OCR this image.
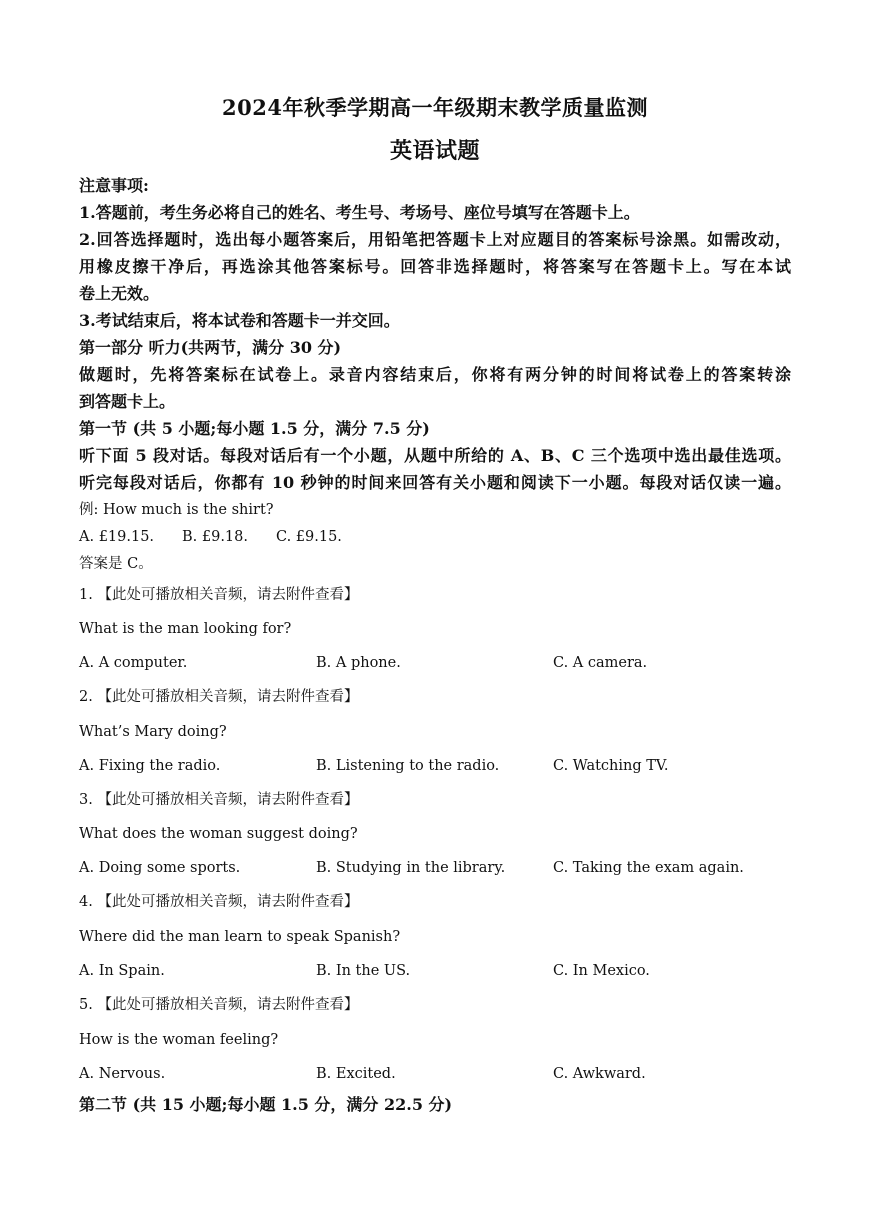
2024年秋季学期高一年级期末教学质量监测
英语试题
注意事项:
1.答题前，考生务必将自己的姓名、考生号、考场号、座位号填写在答题卡上。
2.回答选择题时，选出每小题答案后，用铅笔把答题卡上对应题目的答案标号涂黑。如需改动，
用橡皮擦干净后，再选涂其他答案标号。回答非选择题时，将答案写在答题卡上。写在本试
卷上无效。
3.考试结束后，将本试卷和答题卡一并交回。
第一部分 听力(共两节，满分 30 分)
做题时，先将答案标在试卷上。录音内容结束后，你将有两分钟的时间将试卷上的答案转涂
到答题卡上。
第一节 (共 5 小题;每小题 1.5 分，满分 7.5 分)
听下面 5 段对话。每段对话后有一个小题，从题中所给的 A、B、C 三个选项中选出最佳选项。
听完每段对话后，你都有 10 秒钟的时间来回答有关小题和阅读下一小题。每段对话仅读一遍。
例: How much is the shirt?
A. £19.15. B. £9.18. C. £9.15.
答案是 C。
1. 【此处可播放相关音频，请去附件查看】
What is the man looking for?
A. A computer.	B. A phone.	C. A camera.
2. 【此处可播放相关音频，请去附件查看】
What’s Mary doing?
A. Fixing the radio.	B. Listening to the radio.	C. Watching TV.
3. 【此处可播放相关音频，请去附件查看】
What does the woman suggest doing?
A. Doing some sports.	B. Studying in the library.	C. Taking the exam again.
4. 【此处可播放相关音频，请去附件查看】
Where did the man learn to speak Spanish?
A. In Spain.	B. In the US.	C. In Mexico.
5. 【此处可播放相关音频，请去附件查看】
How is the woman feeling?
A. Nervous.	B. Excited.	C. Awkward.
第二节 (共 15 小题;每小题 1.5 分，满分 22.5 分)
